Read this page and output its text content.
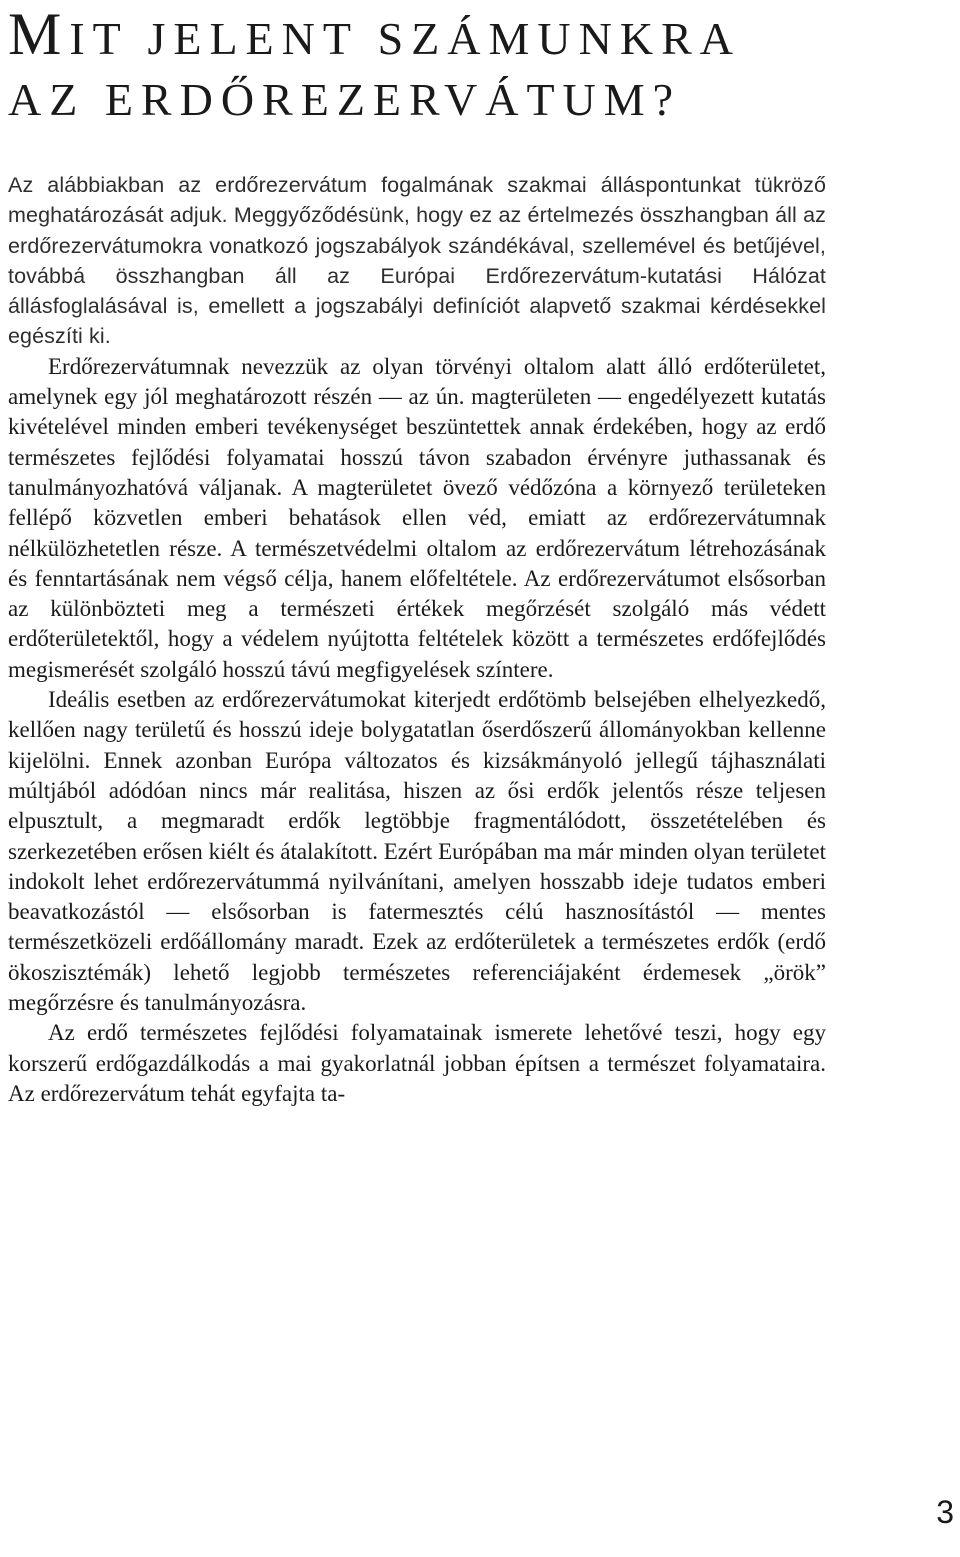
MIT JELENT SZÁMUNKRA
AZ ERDŐREZERVÁTUM?

Az alábbiakban az erdőrezervátum fogalmának szakmai álláspontunkat tükröző meghatározását adjuk. Meggyőződésünk, hogy ez az értelmezés összhangban áll az erdőrezervátumokra vonatkozó jogszabályok szándékával, szellemével és betűjével, továbbá összhangban áll az Európai Erdőrezervátum-kutatási Hálózat állásfoglalásával is, emellett a jogszabályi definíciót alapvető szakmai kérdésekkel egészíti ki.

Erdőrezervátumnak nevezzük az olyan törvényi oltalom alatt álló erdőterületet, amelynek egy jól meghatározott részén — az ún. magterületen — engedélyezett kutatás kivételével minden emberi tevékenységet beszüntettek annak érdekében, hogy az erdő természetes fejlődési folyamatai hosszú távon szabadon érvényre juthassanak és tanulmányozhatóvá váljanak. A magterületet övező védőzóna a környező területeken fellépő közvetlen emberi behatások ellen véd, emiatt az erdőrezervátumnak nélkülözhetetlen része. A természetvédelmi oltalom az erdőrezervátum létrehozásának és fenntartásának nem végső célja, hanem előfeltétele. Az erdőrezervátumot elsősorban az különbözteti meg a természeti értékek megőrzését szolgáló más védett erdőterületektől, hogy a védelem nyújtotta feltételek között a természetes erdőfejlődés megismerését szolgáló hosszú távú megfigyelések színtere.

Ideális esetben az erdőrezervátumokat kiterjedt erdőtömb belsejében elhelyezkedő, kellően nagy területű és hosszú ideje bolygatatlan őserdőszerű állományokban kellenne kijelölni. Ennek azonban Európa változatos és kizsákmányoló jellegű tájhasználati múltjából adódóan nincs már realitása, hiszen az ősi erdők jelentős része teljesen elpusztult, a megmaradt erdők legtöbbje fragmentálódott, összetételében és szerkezetében erősen kiélt és átalakított. Ezért Európában ma már minden olyan területet indokolt lehet erdőrezervátummá nyilvánítani, amelyen hosszabb ideje tudatos emberi beavatkozástól — elsősorban is fatermesztés célú hasznosítástól — mentes természetközeli erdőállomány maradt. Ezek az erdőterületek a természetes erdők (erdő ökoszisztémák) lehető legjobb természetes referenciájaként érdemesek „örök” megőrzésre és tanulmányozásra.

Az erdő természetes fejlődési folyamatainak ismerete lehetővé teszi, hogy egy korszerű erdőgazdálkodás a mai gyakorlatnál jobban építsen a természet folyamataira. Az erdőrezervátum tehát egyfajta ta-

3
